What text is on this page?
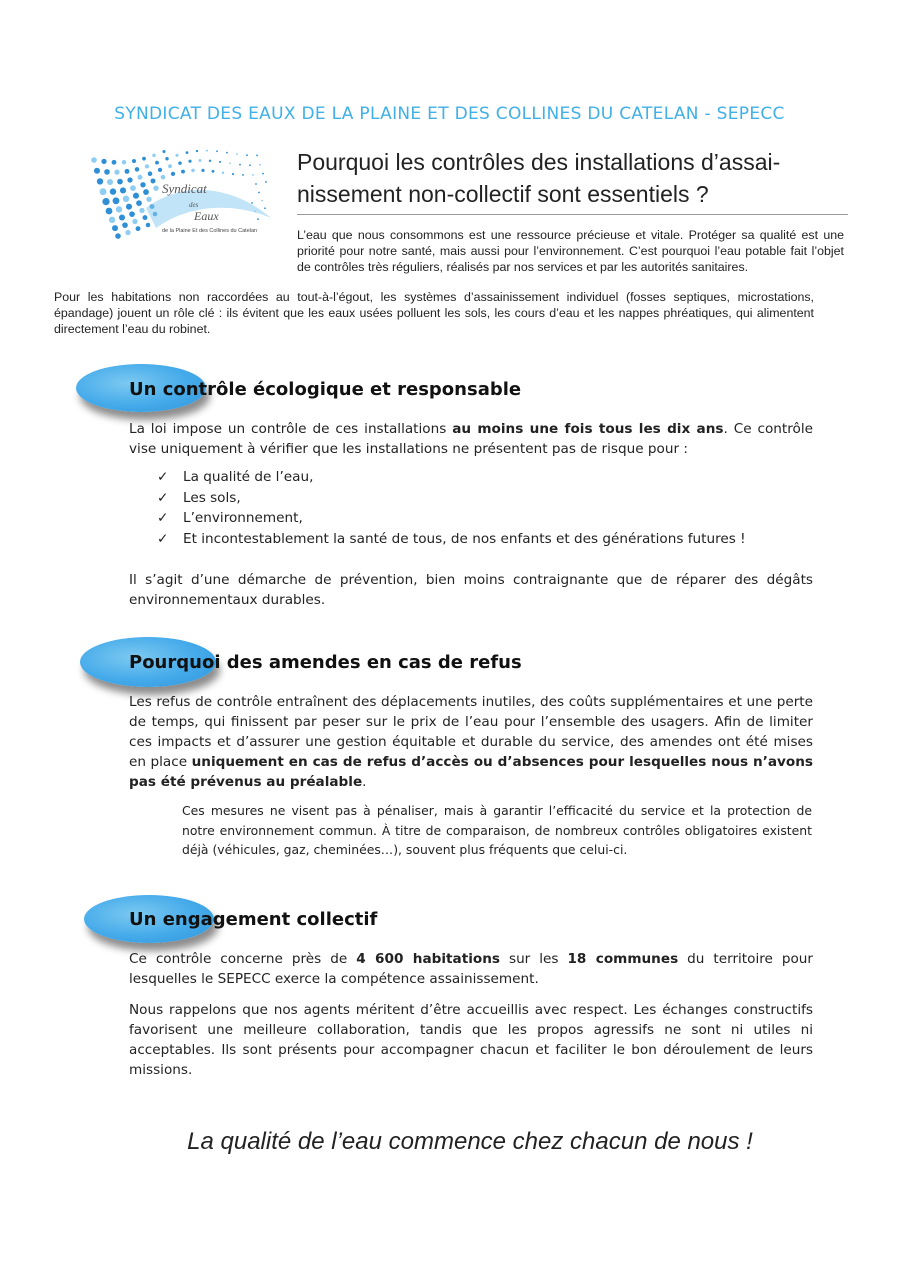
SYNDICAT DES EAUX DE LA PLAINE ET DES COLLINES DU CATELAN - SEPECC
Syndicat
des
Eaux
de la Plaine Et des Collines du Catelan
Pourquoi les contrôles des installations d’assai- nissement non-collectif sont essentiels ?
L’eau que nous consommons est une ressource précieuse et vitale. Protéger sa qualité est une priorité pour notre santé, mais aussi pour l’environnement. C’est pourquoi l’eau potable fait l’objet de contrôles très réguliers, réalisés par nos services et par les autorités sanitaires.
Pour les habitations non raccordées au tout-à-l’égout, les systèmes d’assainissement individuel (fosses septiques, microstations, épandage) jouent un rôle clé : ils évitent que les eaux usées polluent les sols, les cours d’eau et les nappes phréatiques, qui alimentent directement l’eau du robinet.
Un contrôle écologique et responsable
La loi impose un contrôle de ces installations au moins une fois tous les dix ans. Ce contrôle vise uniquement à vérifier que les installations ne présentent pas de risque pour :
✓ La qualité de l’eau,
✓ Les sols,
✓ L’environnement,
✓ Et incontestablement la santé de tous, de nos enfants et des générations futures !
Il s’agit d’une démarche de prévention, bien moins contraignante que de réparer des dégâts environnementaux durables.
Pourquoi des amendes en cas de refus
Les refus de contrôle entraînent des déplacements inutiles, des coûts supplémentaires et une perte de temps, qui finissent par peser sur le prix de l’eau pour l’ensemble des usagers. Afin de limiter ces impacts et d’assurer une gestion équitable et durable du service, des amendes ont été mises en place uniquement en cas de refus d’accès ou d’absences pour lesquelles nous n’avons pas été prévenus au préalable.
Ces mesures ne visent pas à pénaliser, mais à garantir l’efficacité du service et la protection de notre environnement commun. À titre de comparaison, de nombreux contrôles obligatoires existent déjà (véhicules, gaz, cheminées…), souvent plus fréquents que celui-ci.
Un engagement collectif
Ce contrôle concerne près de 4 600 habitations sur les 18 communes du territoire pour lesquelles le SEPECC exerce la compétence assainissement.
Nous rappelons que nos agents méritent d’être accueillis avec respect. Les échanges constructifs favorisent une meilleure collaboration, tandis que les propos agressifs ne sont ni utiles ni acceptables. Ils sont présents pour accompagner chacun et faciliter le bon déroulement de leurs missions.
La qualité de l’eau commence chez chacun de nous !
